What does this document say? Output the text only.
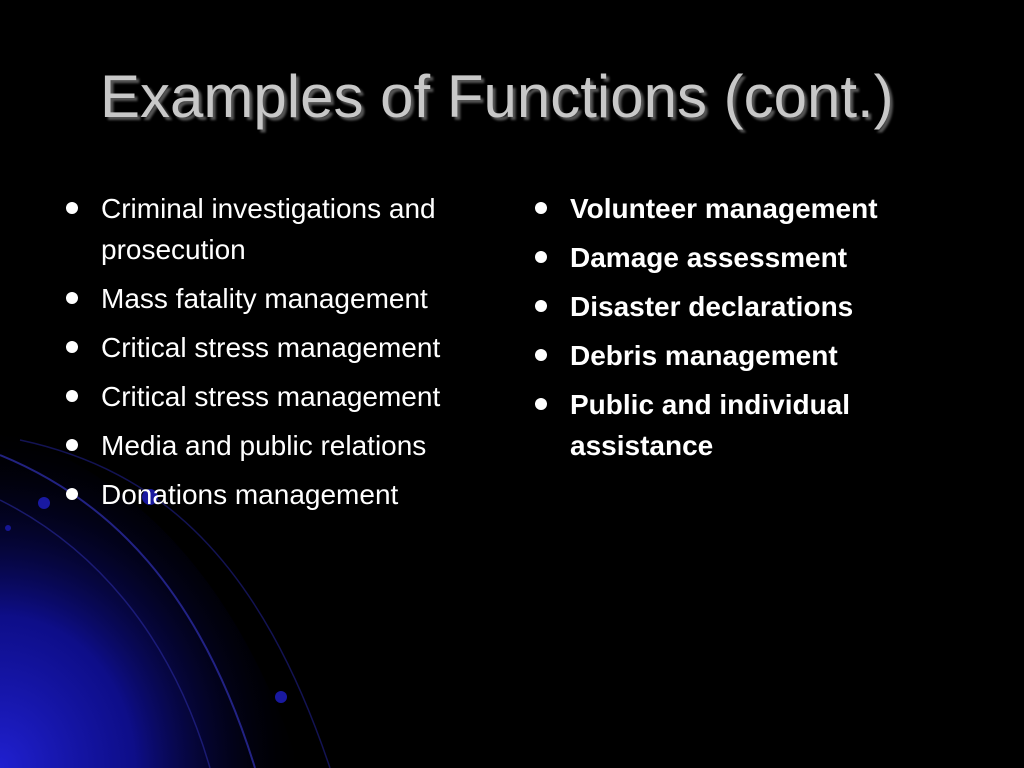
Examples of Functions (cont.)
Criminal investigations and prosecution
Mass fatality management
Critical stress management
Critical stress management
Media and public relations
Donations management
Volunteer management
Damage assessment
Disaster declarations
Debris management
Public and individual assistance
